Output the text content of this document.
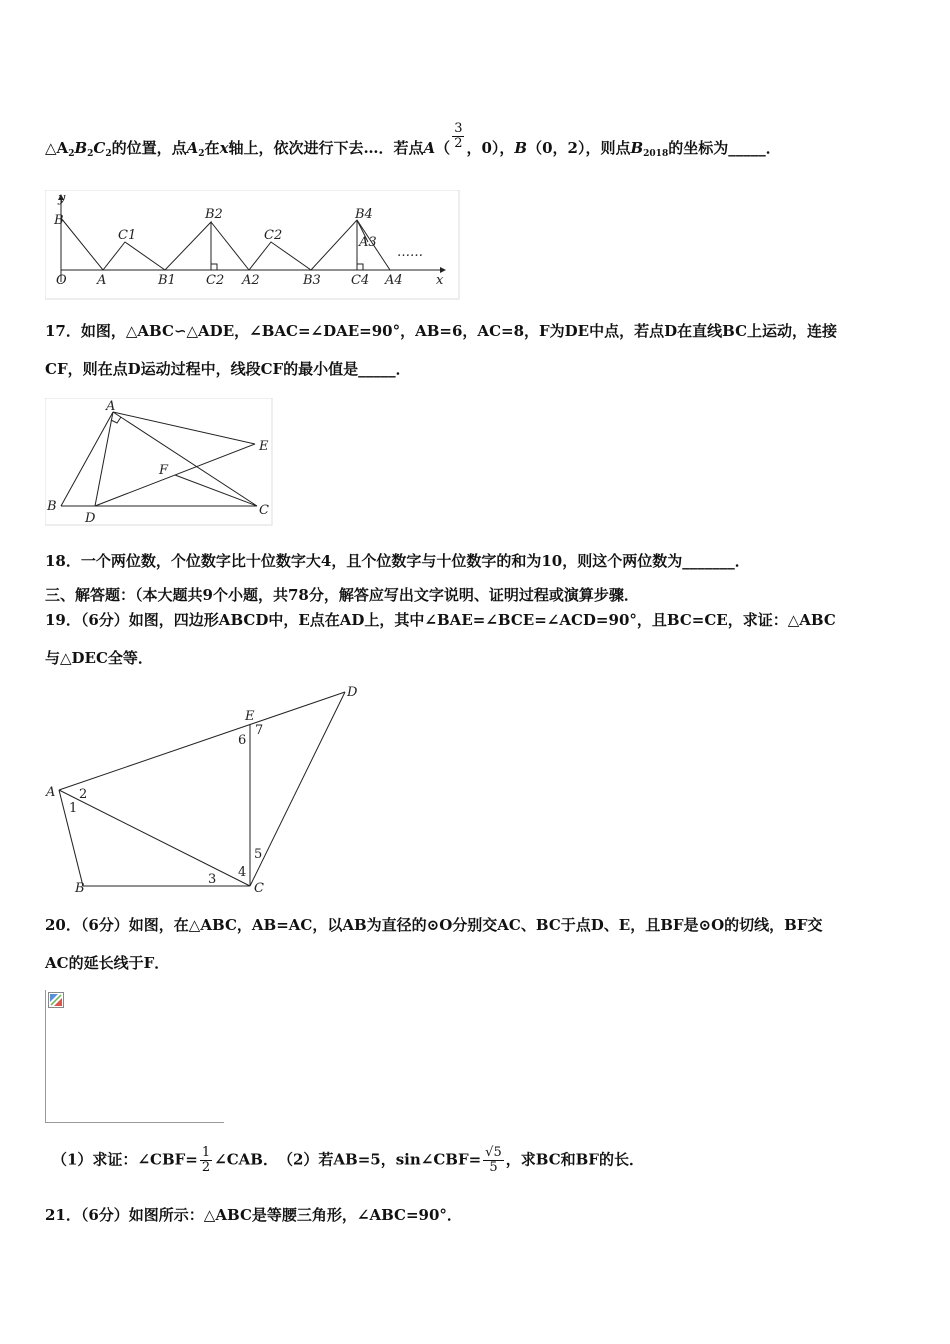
$\triangle A_2B_2C_2$的位置，点$A_2$在x轴上，依次进行下去…．若点$A( \frac{3}{2}$ ，0），B（0，2），则点$B_{2018}$的坐标为_____．
y
B
C1
B2
C2
B4
A3
……
O A	B1 C2 A2	B3 C4 A4	x
17．如图，△ABC∽△ADE，∠BAC=∠DAE=90°，AB=6，AC=8，F为DE中点，若点D在直线BC上运动，连接
CF，则在点D运动过程中，线段CF的最小值是_____．
A
E
F
B
D
C
18．一个两位数，个位数字比十位数字大4，且个位数字与十位数字的和为10，则这个两位数为_______．
三、解答题：（本大题共9个小题，共78分，解答应写出文字说明、证明过程或演算步骤．
19．（6分）如图，四边形ABCD中，E点在AD上，其中∠BAE=∠BCE=∠ACD=90°，且BC=CE，求证：△ABC
与△DEC全等．
A
B	C
D
E
1
2
3 4
5
6
7
20．（6分）如图，在△ABC，AB=AC，以AB为直径的⊙O分别交AC、BC于点D、E，且BF是⊙O的切线，BF交
AC的延长线于F．
（1）求证：∠CBF= $\frac{1}{2}$ ∠CAB．　（2）若AB=5，sin∠CBF= $\frac{√5}{5}$ ，求BC和BF的长．
21．（6分）如图所示：△ABC是等腰三角形，∠ABC=90°．
